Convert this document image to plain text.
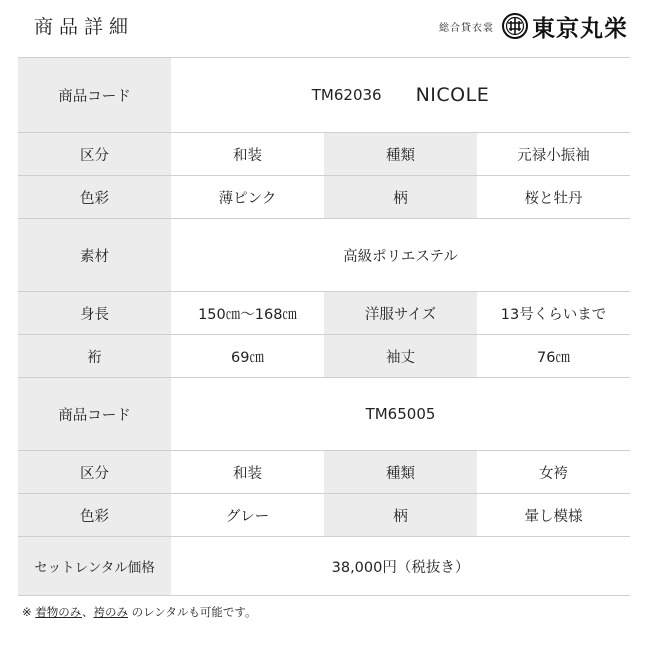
商品詳細	総合貸衣裳 東京丸栄
商品コード	TM62036 NICOLE
区分	和装	種類	元禄小振袖
色彩	薄ピンク	柄	桜と牡丹
素材	高級ポリエステル
身長	150㎝～168㎝	洋服サイズ	13号くらいまで
裄	69㎝	袖丈	76㎝
商品コード	TM65005
区分	和装	種類	女袴
色彩	グレー	柄	暈し模様
セットレンタル価格	38,000円（税抜き）
※ 着物のみ、袴のみ のレンタルも可能です。
